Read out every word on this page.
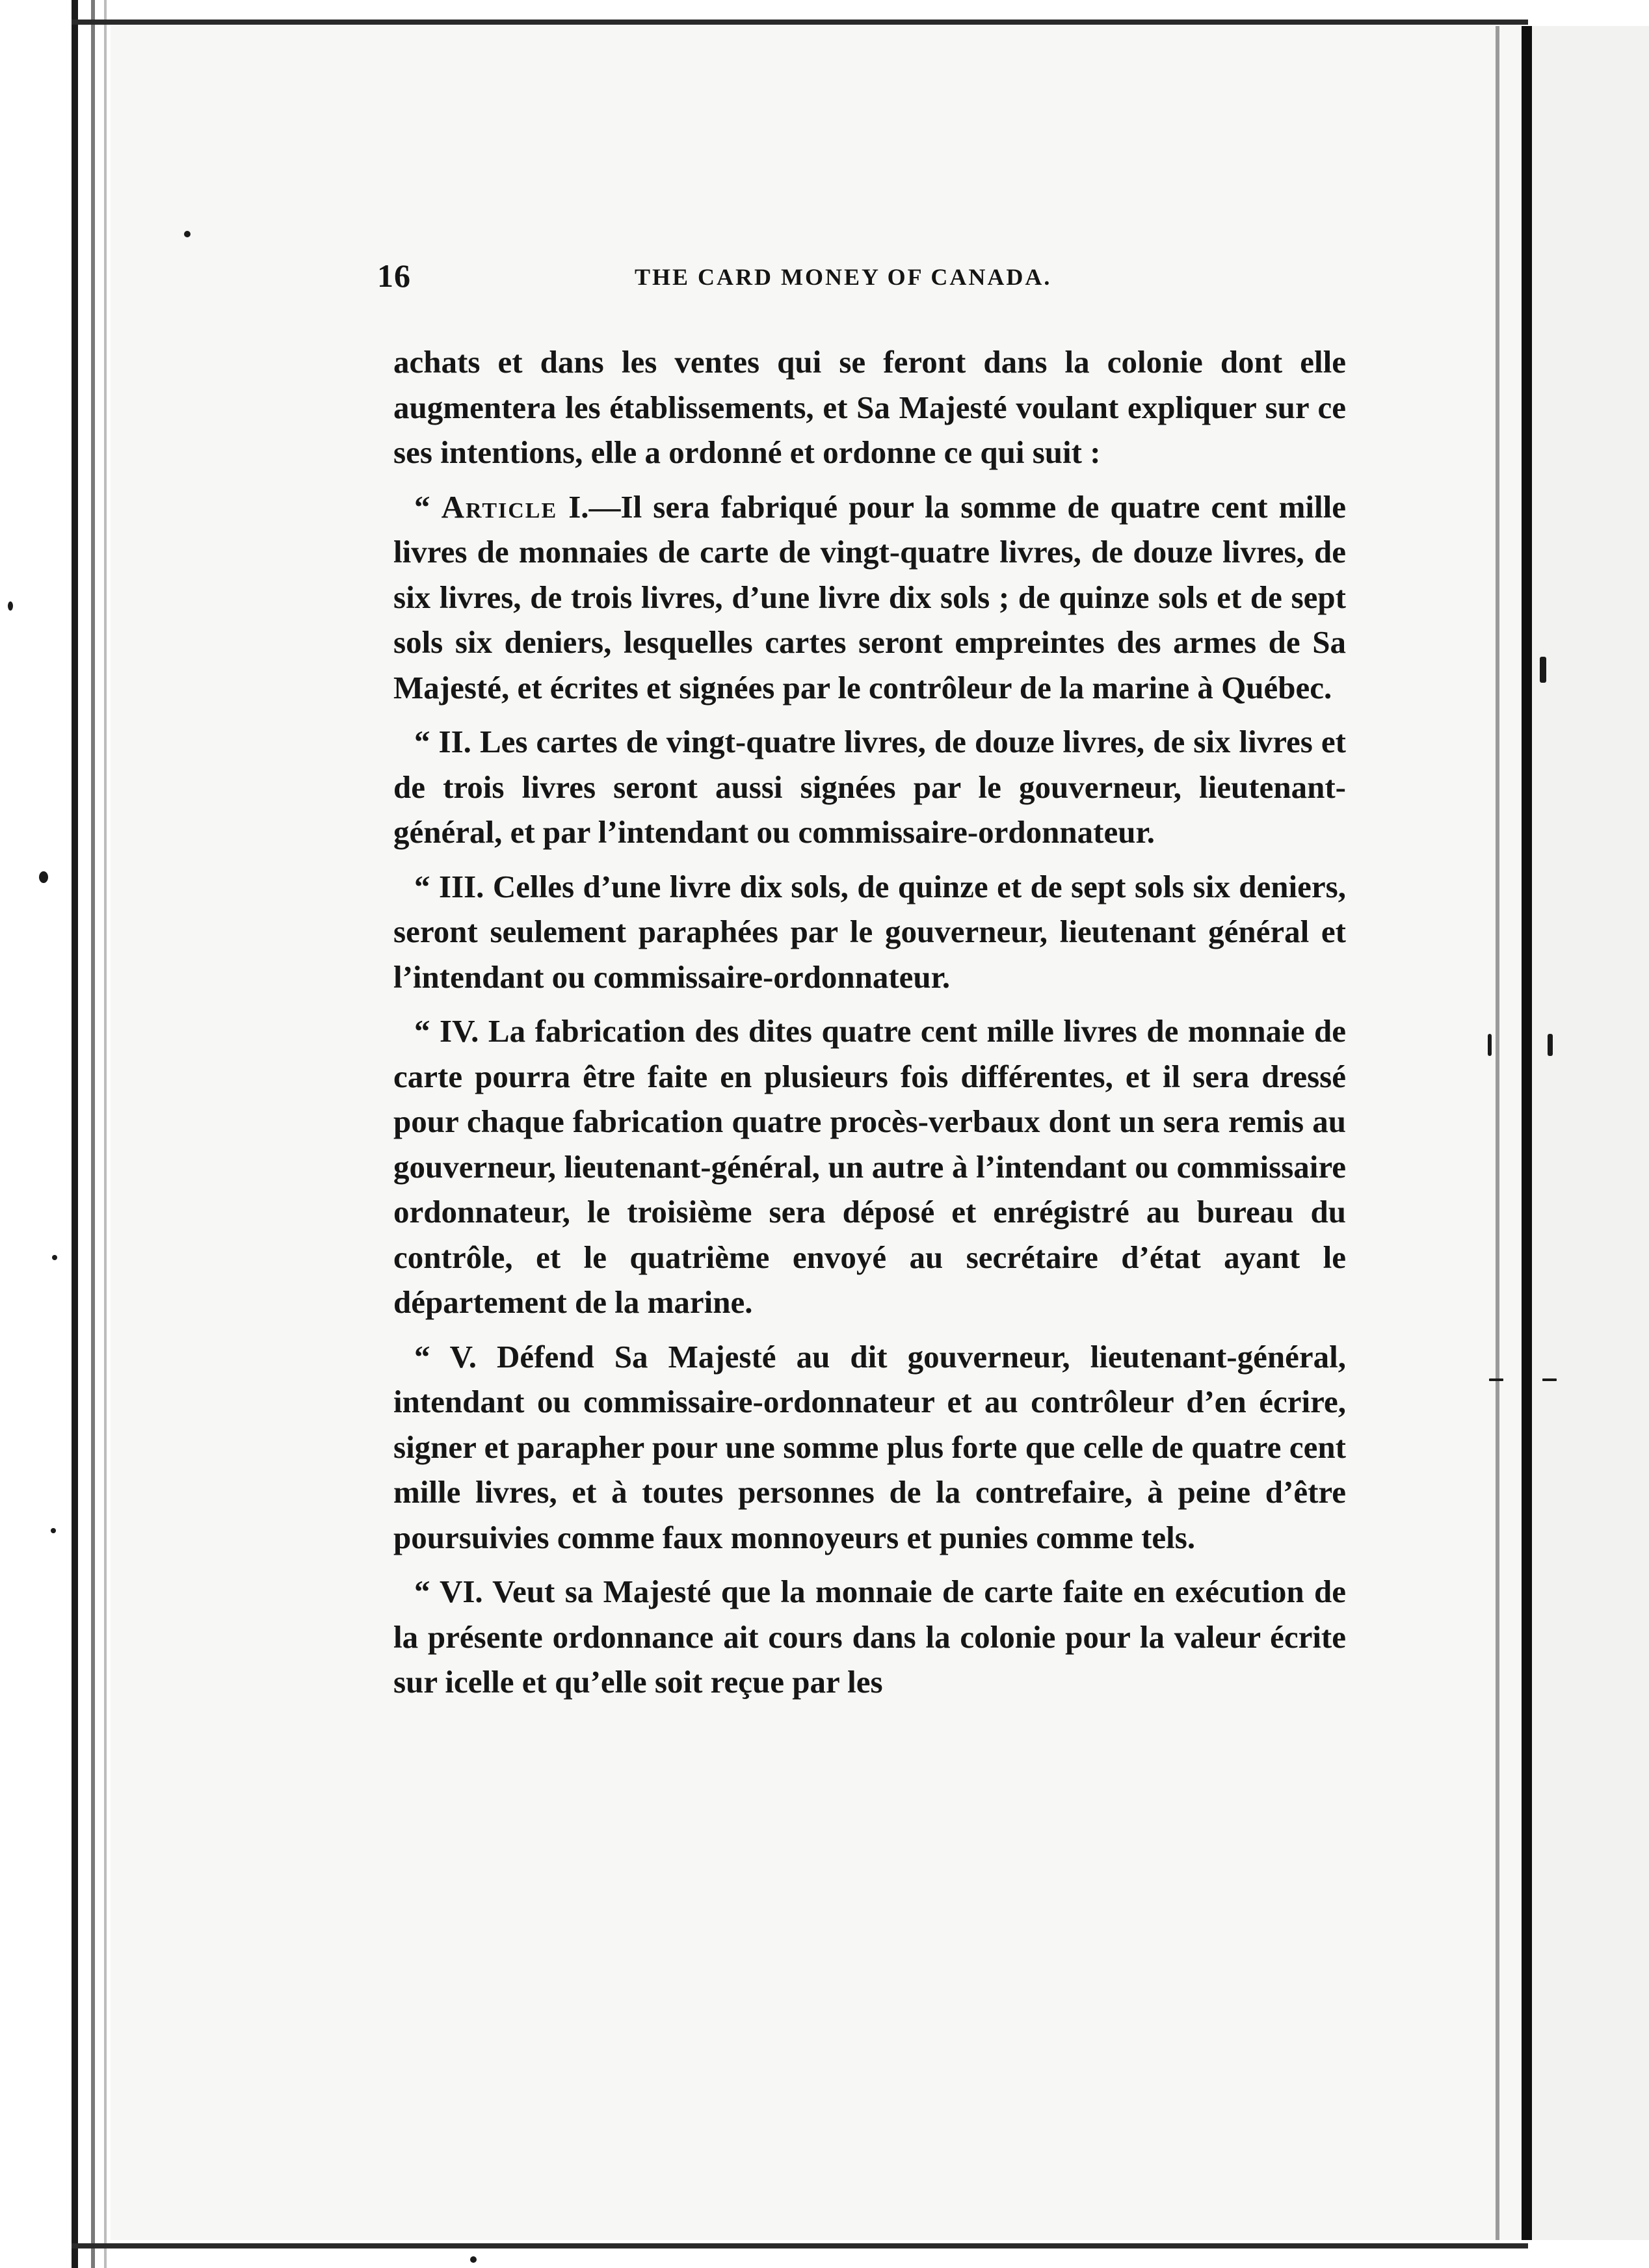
16	THE CARD MONEY OF CANADA.

achats et dans les ventes qui se feront dans la colonie dont elle augmentera les établissements, et Sa Majesté voulant expliquer sur ce ses intentions, elle a ordonné et ordonne ce qui suit :

“ Article I.—Il sera fabriqué pour la somme de quatre cent mille livres de monnaies de carte de vingt-quatre livres, de douze livres, de six livres, de trois livres, d’une livre dix sols ; de quinze sols et de sept sols six deniers, lesquelles cartes seront empreintes des armes de Sa Majesté, et écrites et signées par le contrôleur de la marine à Québec.

“ II. Les cartes de vingt-quatre livres, de douze livres, de six livres et de trois livres seront aussi signées par le gouverneur, lieutenant-général, et par l’intendant ou commissaire-ordonnateur.

“ III. Celles d’une livre dix sols, de quinze et de sept sols six deniers, seront seulement paraphées par le gouverneur, lieutenant général et l’intendant ou commissaire-ordonnateur.

“ IV. La fabrication des dites quatre cent mille livres de monnaie de carte pourra être faite en plusieurs fois différentes, et il sera dressé pour chaque fabrication quatre procès-verbaux dont un sera remis au gouverneur, lieutenant-général, un autre à l’intendant ou commissaire ordonnateur, le troisième sera déposé et enrégistré au bureau du contrôle, et le quatrième envoyé au secrétaire d’état ayant le département de la marine.

“ V. Défend Sa Majesté au dit gouverneur, lieutenant-général, intendant ou commissaire-ordonnateur et au contrôleur d’en écrire, signer et parapher pour une somme plus forte que celle de quatre cent mille livres, et à toutes personnes de la contrefaire, à peine d’être poursuivies comme faux monnoyeurs et punies comme tels.

“ VI. Veut sa Majesté que la monnaie de carte faite en exécution de la présente ordonnance ait cours dans la colonie pour la valeur écrite sur icelle et qu’elle soit reçue par les
